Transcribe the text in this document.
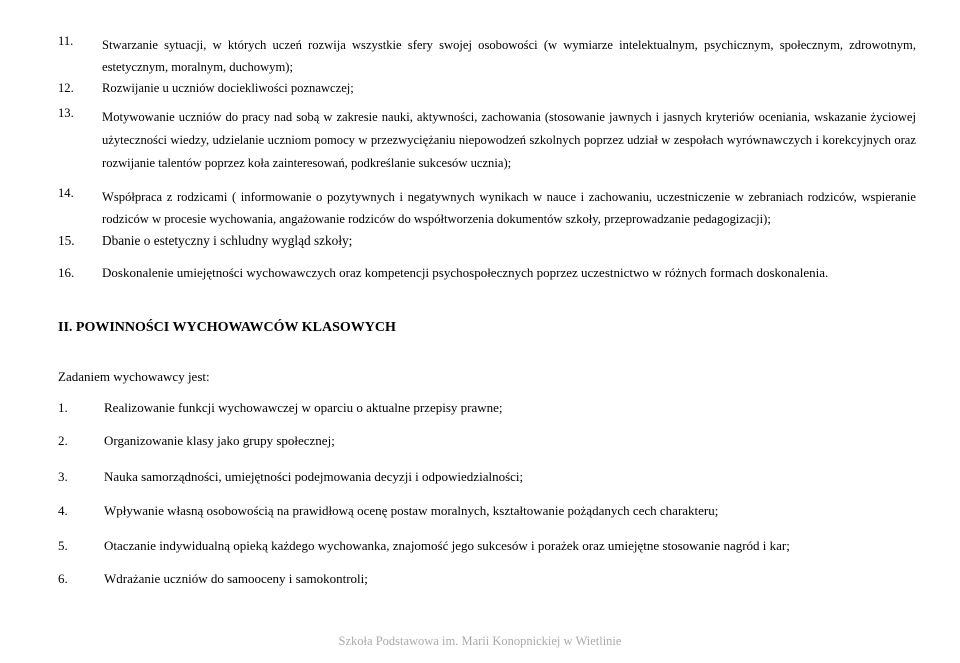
11. Stwarzanie sytuacji, w których uczeń rozwija wszystkie sfery swojej osobowości (w wymiarze intelektualnym, psychicznym, społecznym, zdrowotnym, estetycznym, moralnym, duchowym);
12. Rozwijanie u uczniów dociekliwości poznawczej;
13. Motywowanie uczniów do pracy nad sobą w zakresie nauki, aktywności, zachowania (stosowanie jawnych i jasnych kryteriów oceniania, wskazanie życiowej użyteczności wiedzy, udzielanie uczniom pomocy w przezwyciężaniu niepowodzeń szkolnych poprzez udział w zespołach wyrównawczych i korekcyjnych oraz rozwijanie talentów poprzez koła zainteresowań, podkreślanie sukcesów ucznia);
14. Współpraca z rodzicami ( informowanie o pozytywnych i negatywnych wynikach w nauce i zachowaniu, uczestniczenie w zebraniach rodziców, wspieranie rodziców w procesie wychowania, angażowanie rodziców do współtworzenia dokumentów szkoły, przeprowadzanie pedagogizacji);
15. Dbanie o estetyczny i schludny wygląd szkoły;
16. Doskonalenie umiejętności wychowawczych oraz kompetencji psychospołecznych poprzez uczestnictwo w różnych formach doskonalenia.
II. POWINNOŚCI WYCHOWAWCÓW KLASOWYCH
Zadaniem wychowawcy jest:
1.	Realizowanie funkcji wychowawczej w oparciu o aktualne przepisy prawne;
2.	Organizowanie klasy jako grupy społecznej;
3.	Nauka samorządności, umiejętności podejmowania decyzji i odpowiedzialności;
4.	Wpływanie własną osobowością na prawidłową ocenę postaw moralnych, kształtowanie pożądanych cech charakteru;
5.	Otaczanie indywidualną opieką każdego wychowanka, znajomość jego sukcesów i porażek oraz umiejętne stosowanie nagród i kar;
6.	Wdrażanie uczniów do samooceny i samokontroli;
Szkoła Podstawowa im. Marii Konopnickiej w Wietlinie
